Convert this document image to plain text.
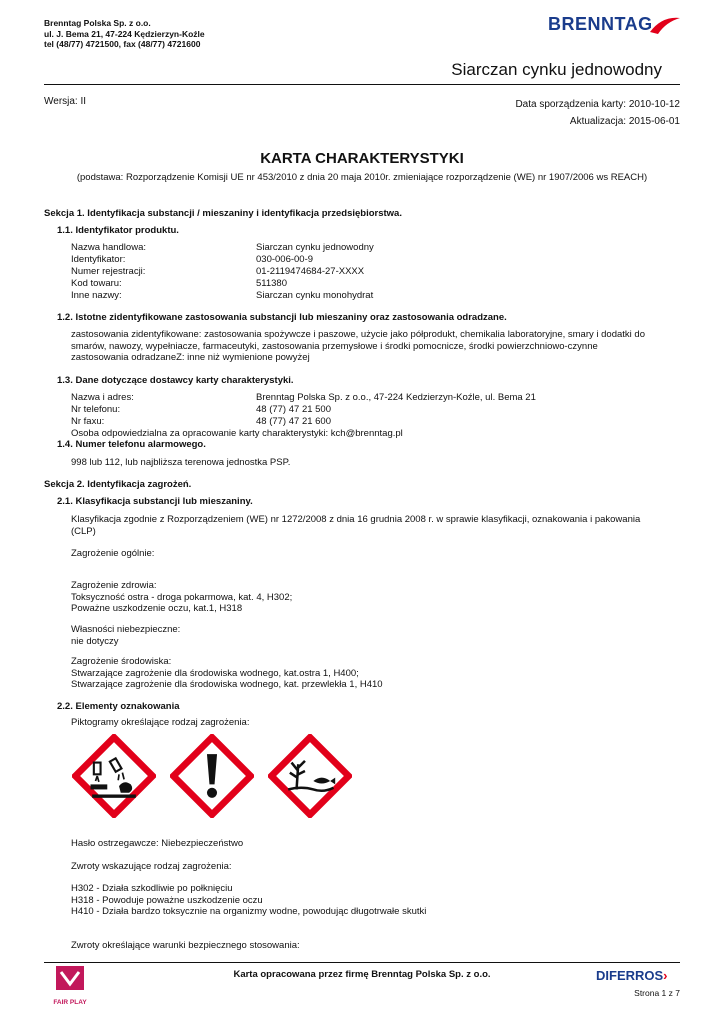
Brenntag Polska Sp. z o.o.
ul. J. Bema 21, 47-224 Kędzierzyn-Koźle
tel (48/77) 4721500, fax (48/77) 4721600
BRENNTAG
Siarczan cynku jednowodny
Wersja: II	Data sporządzenia karty: 2010-10-12
Aktualizacja: 2015-06-01
KARTA CHARAKTERYSTYKI
(podstawa: Rozporządzenie Komisji UE nr 453/2010 z dnia 20 maja 2010r. zmieniające rozporządzenie (WE) nr 1907/2006 ws REACH)
Sekcja 1. Identyfikacja substancji / mieszaniny i identyfikacja przedsiębiorstwa.
1.1. Identyfikator produktu.
Nazwa handlowa:	Siarczan cynku jednowodny
Identyfikator:	030-006-00-9
Numer rejestracji:	01-2119474684-27-XXXX
Kod towaru:	511380
Inne nazwy:	Siarczan cynku monohydrat
1.2. Istotne zidentyfikowane zastosowania substancji lub mieszaniny oraz zastosowania odradzane.
zastosowania zidentyfikowane: zastosowania spożywcze i paszowe, użycie jako półprodukt, chemikalia laboratoryjne, smary i dodatki do
smarów, nawozy, wypełniacze, farmaceutyki, zastosowania przemysłowe i środki pomocnicze, środki powierzchniowo-czynne
zastosowania odradzaneZ: inne niż wymienione powyżej
1.3. Dane dotyczące dostawcy karty charakterystyki.
Nazwa i adres:	Brenntag Polska Sp. z o.o., 47-224 Kedzierzyn-Koźle, ul. Bema 21
Nr telefonu:	48 (77) 47 21 500
Nr faxu:	48 (77) 47 21 600
Osoba odpowiedzialna za opracowanie karty charakterystyki: kch@brenntag.pl
1.4. Numer telefonu alarmowego.
998 lub 112, lub najbliższa terenowa jednostka PSP.
Sekcja 2. Identyfikacja zagrożeń.
2.1. Klasyfikacja substancji lub mieszaniny.
Klasyfikacja zgodnie z Rozporządzeniem (WE) nr 1272/2008 z dnia 16 grudnia 2008 r. w sprawie klasyfikacji, oznakowania i pakowania
(CLP)
Zagrożenie ogólnie:
Zagrożenie zdrowia:
Toksyczność ostra - droga pokarmowa, kat. 4, H302;
Poważne uszkodzenie oczu, kat.1, H318
Własności niebezpieczne:
nie dotyczy
Zagrożenie środowiska:
Stwarzające zagrożenie dla środowiska wodnego, kat.ostra 1, H400;
Stwarzające zagrożenie dla środowiska wodnego, kat. przewlekła 1, H410
2.2. Elementy oznakowania
Piktogramy określające rodzaj zagrożenia:
Hasło ostrzegawcze: Niebezpieczeństwo
Zwroty wskazujące rodzaj zagrożenia:
H302 - Działa szkodliwie po połknięciu
H318 - Powoduje poważne uszkodzenie oczu
H410 - Działa bardzo toksycznie na organizmy wodne, powodując długotrwałe skutki
Zwroty określające warunki bezpiecznego stosowania:
FAIR PLAY
Karta opracowana przez firmę Brenntag Polska Sp. z o.o.	DIFERROS›
Strona 1 z 7
